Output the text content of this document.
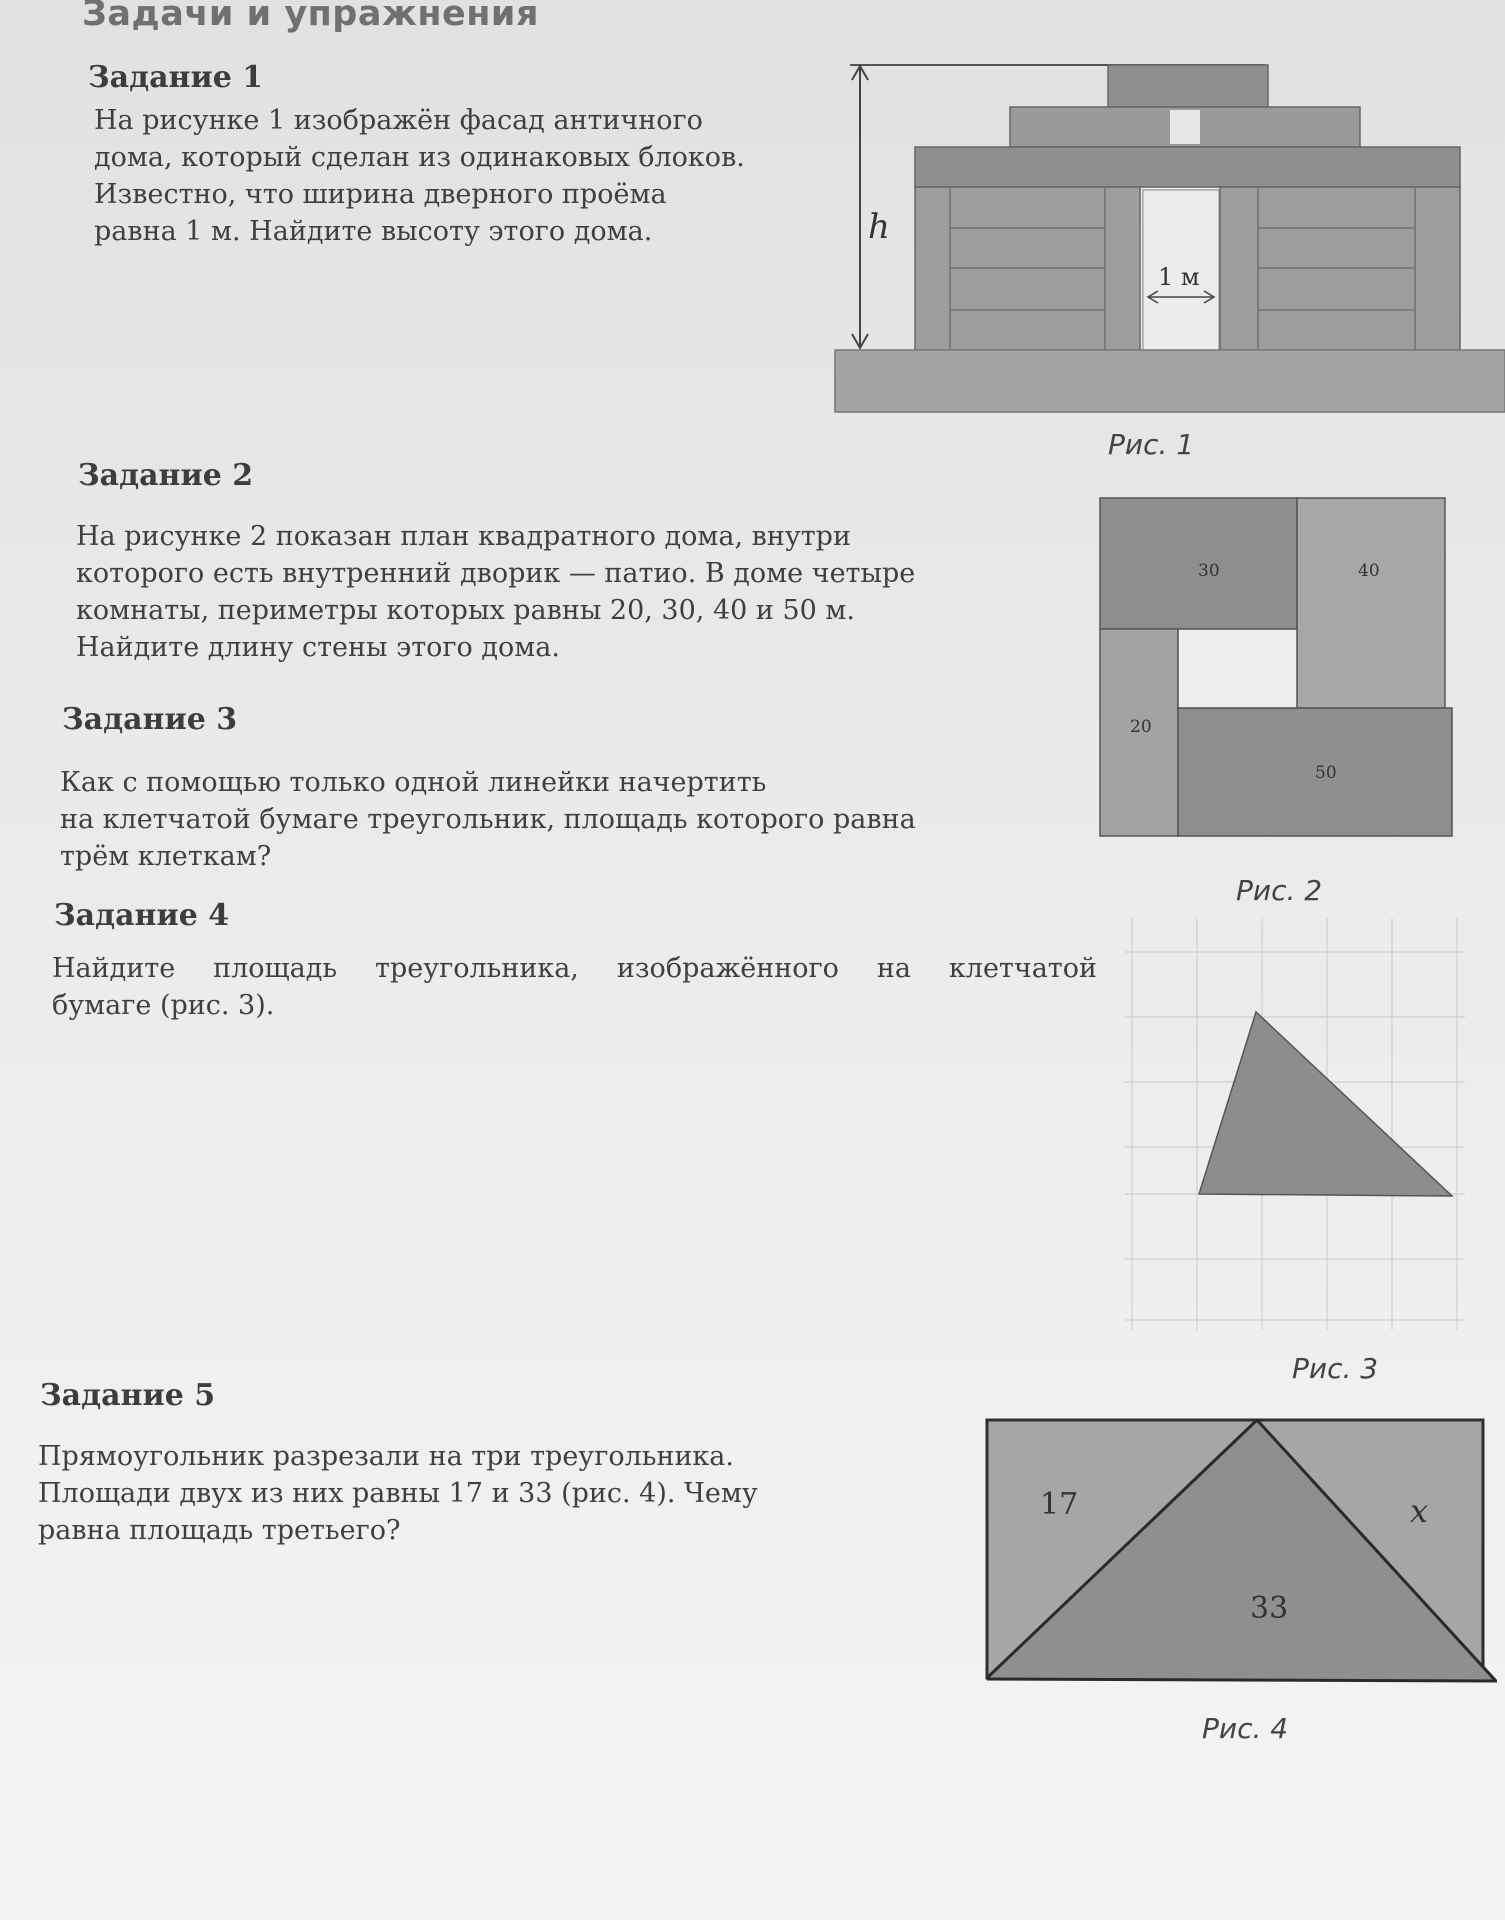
Задачи и упражнения
Задание 1

На рисунке 1 изображён фасад античного
дома, который сделан из одинаковых блоков.
Известно, что ширина дверного проёма
равна 1 м. Найдите высоту этого дома.	h
1 м
Рис. 1
Задание 2

На рисунке 2 показан план квадратного дома, внутри
которого есть внутренний дворик — патио. В доме четыре
комнаты, периметры которых равны 20, 30, 40 и 50 м.
Найдите длину стены этого дома.

30	40
20
50
Рис. 2
Задание 3

Как с помощью только одной линейки начертить
на клетчатой бумаге треугольник, площадь которого равна
трём клеткам?

Задание 4

Найдите площадь треугольника, изображённого на клетчатой
бумаге (рис. 3).

Рис. 3
Задание 5

Прямоугольник разрезали на три треугольника.
Площади двух из них равны 17 и 33 (рис. 4). Чему
равна площадь третьего?

17	x
33
Рис. 4
